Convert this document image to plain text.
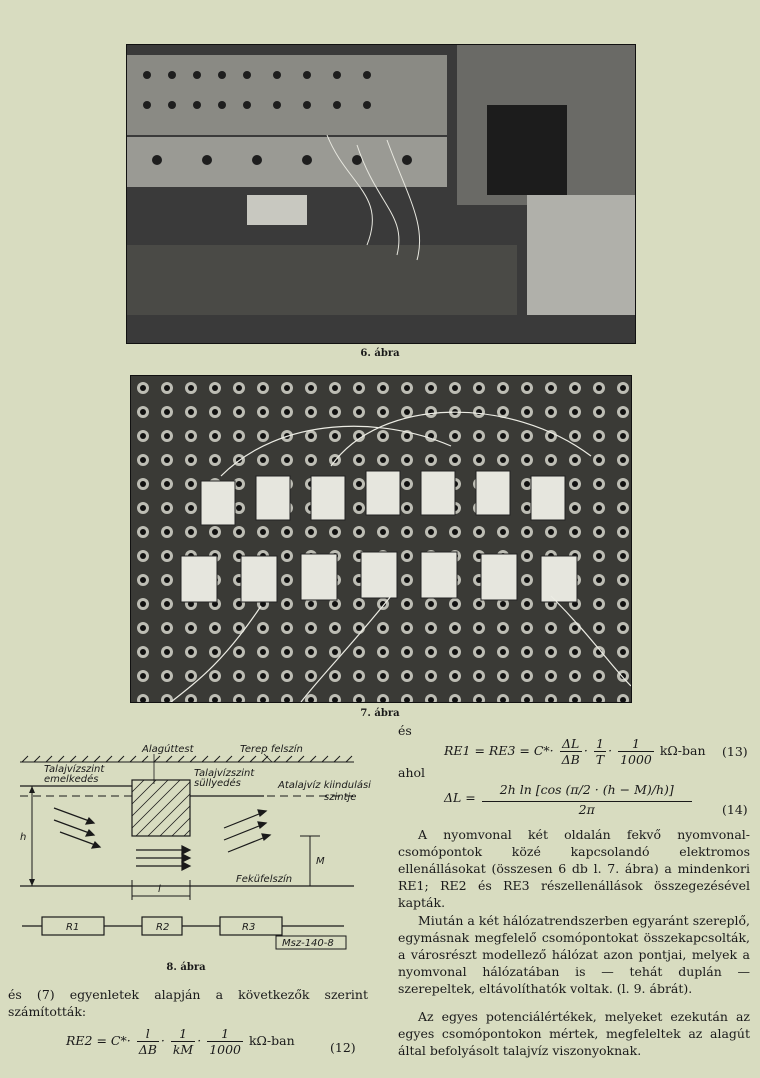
6. ábra
7. ábra
Alagúttest	Terep felszín
Talajvízszint
emelkedés
Talajvízszint
süllyedés	Atalajvíz kiindulási
szintje
Feküfelszín
h
M
l
R1	R2	R3
Msz-140-8
8. ábra
és (7) egyenletek alapján a következők szerint számították:
$RE2 = C*\cdot \frac{l}{\Delta B} \cdot \frac{1}{kM} \cdot \frac{1}{1000} k\Omega-ban$	(12)
és
$RE1 = RE3 = C*\cdot \frac{\Delta L}{\Delta B} \cdot \frac{1}{T} \cdot \frac{1}{1000} k\Omega-ban$ (13)
ahol
$\Delta L = \frac{\text{2h ln [cos (π/2 · (h − M)/h)]}}{2\pi} (14)$
A nyomvonal két oldalán fekvő nyomvonal-csomópontok közé kapcsolandó elektromos ellenállásokat (összesen 6 db l. 7. ábra) a mindenkori RE1; RE2 és RE3 részellenállások összegezésével kapták.
Miután a két hálózatrendszerben egyaránt szereplő, egymásnak megfelelő csomópontokat összekapcsolták, a városrészt modellező hálózat azon pontjai, melyek a nyomvonal hálózatában is — tehát duplán — szerepeltek, eltávolíthatók voltak. (l. 9. ábrát).
Az egyes potenciálértékek, melyeket ezekután az egyes csomópontokon mértek, megfeleltek az alagút által befolyásolt talajvíz viszonyoknak.
